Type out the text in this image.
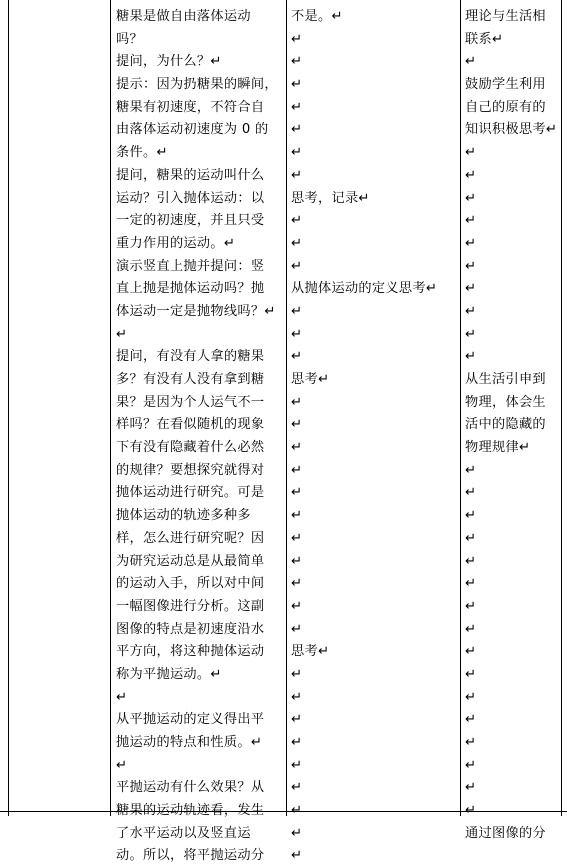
糖果是做自由落体运动
吗？
提问，为什么？↵
提示：因为扔糖果的瞬间，
糖果有初速度，不符合自
由落体运动初速度为 0 的
条件。↵
提问，糖果的运动叫什么
运动？引入抛体运动：以
一定的初速度，并且只受
重力作用的运动。↵
演示竖直上抛并提问：竖
直上抛是抛体运动吗？抛
体运动一定是抛物线吗？↵
↵
提问，有没有人拿的糖果
多？有没有人没有拿到糖
果？是因为个人运气不一
样吗？在看似随机的现象
下有没有隐藏着什么必然
的规律？要想探究就得对
抛体运动进行研究。可是
抛体运动的轨迹多种多
样，怎么进行研究呢？因
为研究运动总是从最简单
的运动入手，所以对中间
一幅图像进行分析。这副
图像的特点是初速度沿水
平方向，将这种抛体运动
称为平抛运动。↵
↵
从平抛运动的定义得出平
抛运动的特点和性质。↵
↵
平抛运动有什么效果？从
糖果的运动轨迹看，发生
了水平运动以及竖直运
动。所以，将平抛运动分
不是。↵
↵
↵
↵
↵
↵
↵
↵
思考，记录↵
↵
↵
↵
从抛体运动的定义思考↵
↵
↵
↵
思考↵
↵
↵
↵
↵
↵
↵
↵
↵
↵
↵
↵
思考↵
↵
↵
↵
↵
↵
↵
↵
↵
↵
理论与生活相
联系↵
↵
鼓励学生利用
自己的原有的
知识积极思考↵
↵
↵
↵
↵
↵
↵
↵
↵
↵
↵
从生活引申到
物理，体会生
活中的隐藏的
物理规律↵
↵
↵
↵
↵
↵
↵
↵
↵
↵
↵
↵
↵
↵
↵
↵
↵
通过图像的分
